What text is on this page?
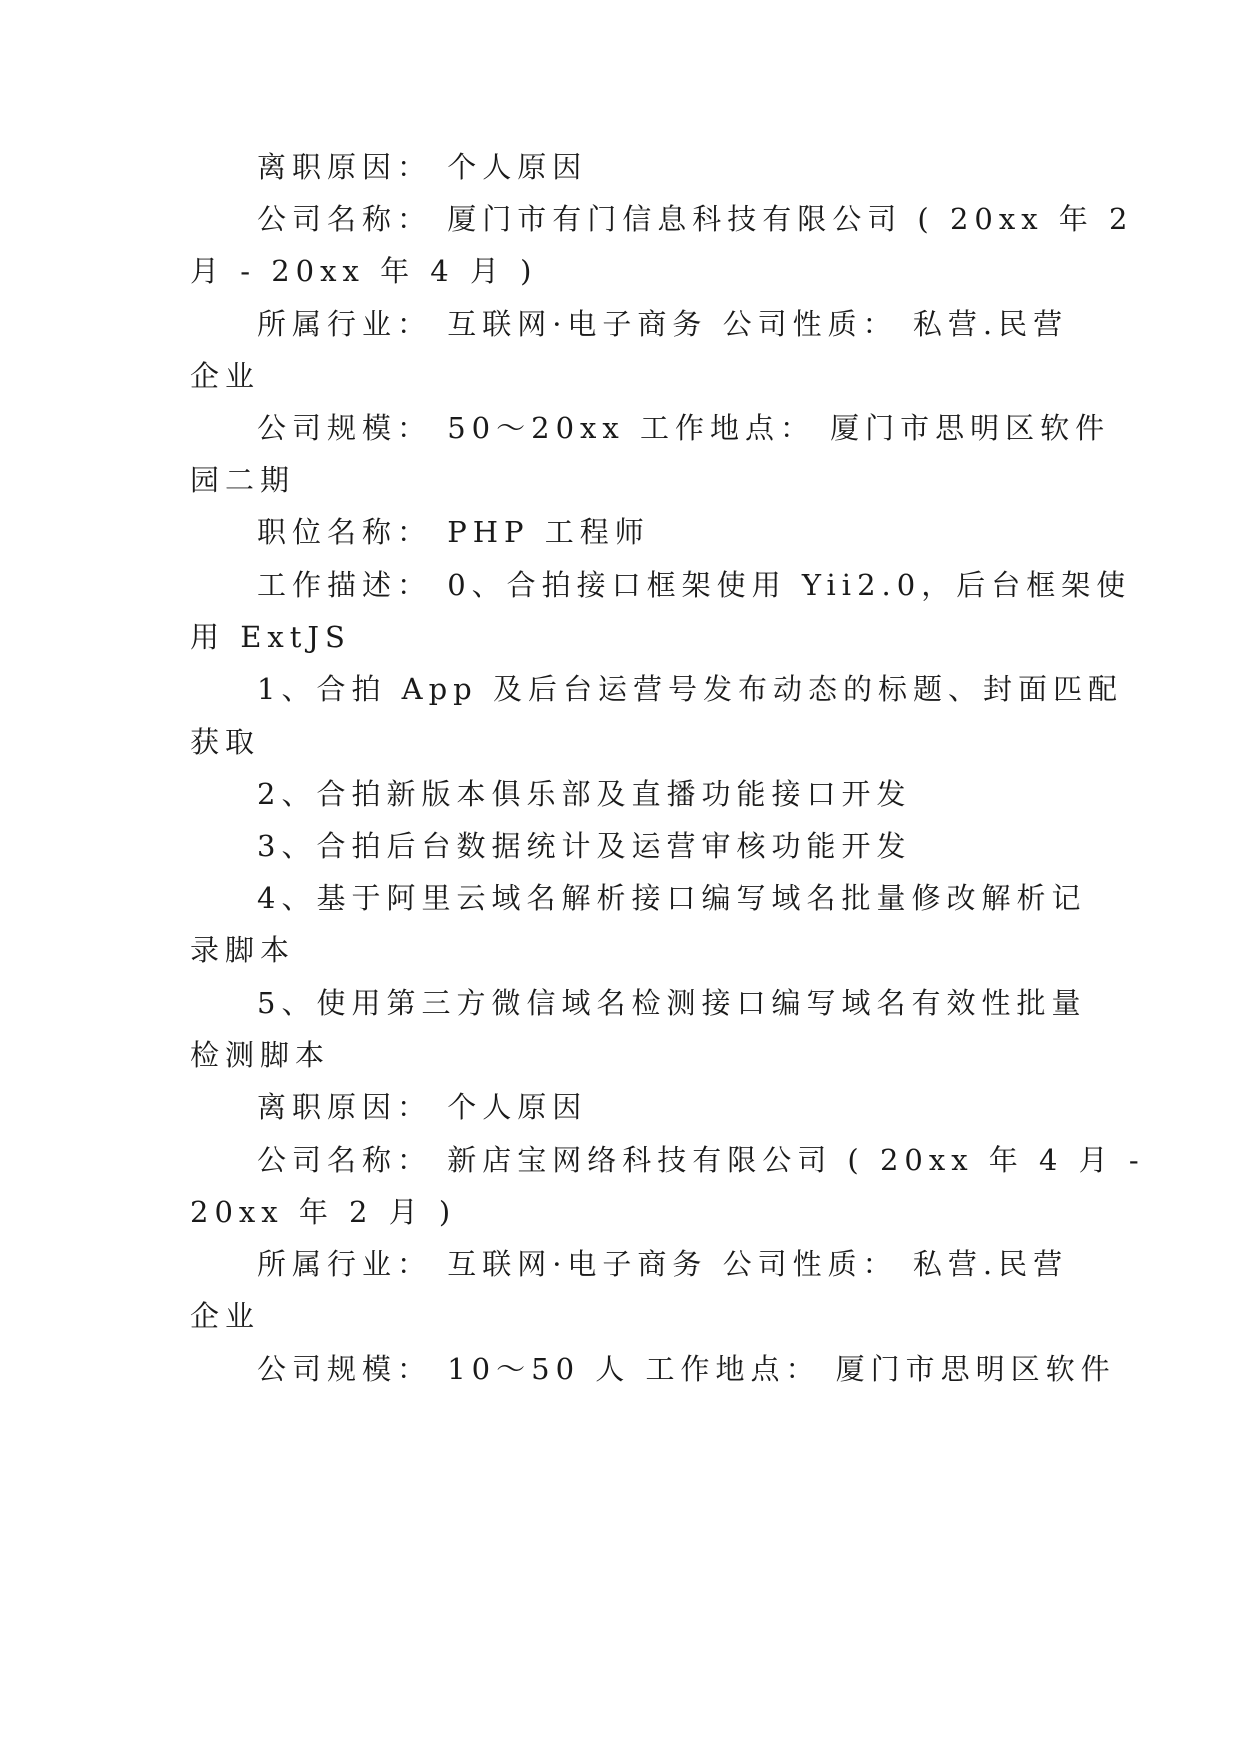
离职原因： 个人原因
公司名称： 厦门市有门信息科技有限公司 ( 20xx 年 2
月 - 20xx 年 4 月 )
所属行业： 互联网·电子商务 公司性质： 私营.民营
企业
公司规模： 50～20xx 工作地点： 厦门市思明区软件
园二期
职位名称： PHP 工程师
工作描述： 0、合拍接口框架使用 Yii2.0，后台框架使
用 ExtJS
1、合拍 App 及后台运营号发布动态的标题、封面匹配
获取
2、合拍新版本俱乐部及直播功能接口开发
3、合拍后台数据统计及运营审核功能开发
4、基于阿里云域名解析接口编写域名批量修改解析记
录脚本
5、使用第三方微信域名检测接口编写域名有效性批量
检测脚本
离职原因： 个人原因
公司名称： 新店宝网络科技有限公司 ( 20xx 年 4 月 -
20xx 年 2 月 )
所属行业： 互联网·电子商务 公司性质： 私营.民营
企业
公司规模： 10～50 人 工作地点： 厦门市思明区软件
